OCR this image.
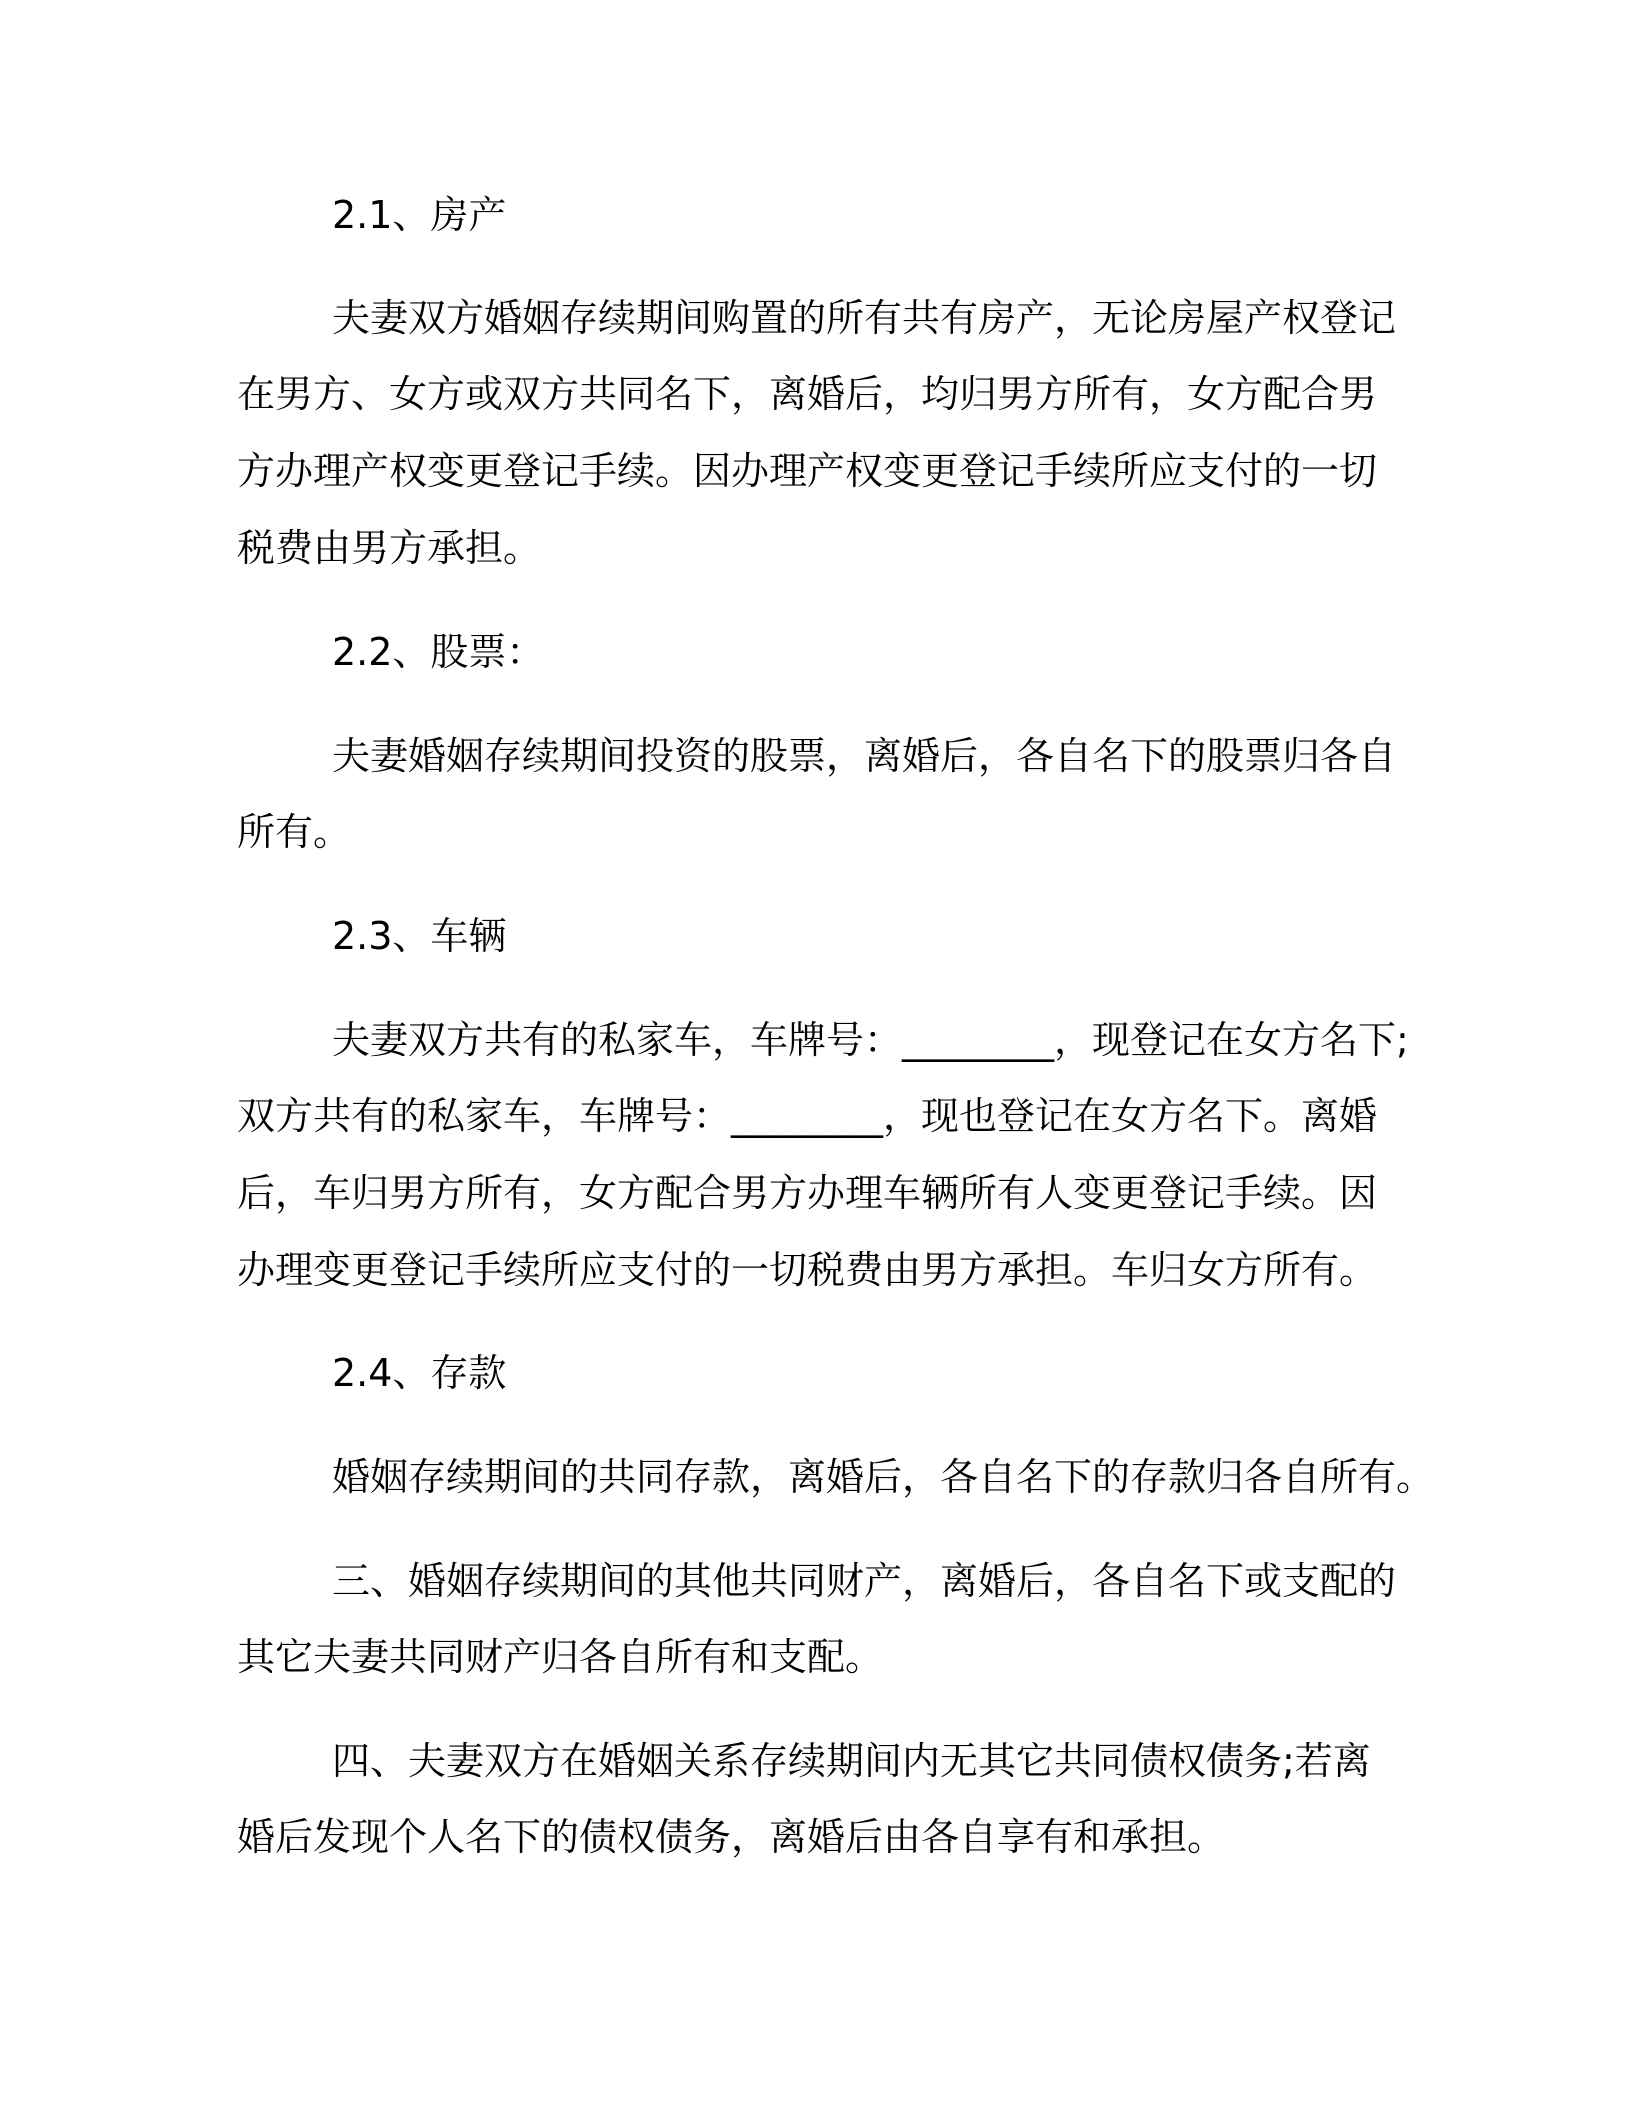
2.1、房产

夫妻双方婚姻存续期间购置的所有共有房产，无论房屋产权登记

在男方、女方或双方共同名下，离婚后，均归男方所有，女方配合男

方办理产权变更登记手续。因办理产权变更登记手续所应支付的一切

税费由男方承担。

2.2、股票：

夫妻婚姻存续期间投资的股票，离婚后，各自名下的股票归各自

所有。

2.3、车辆

夫妻双方共有的私家车，车牌号：________，现登记在女方名下;

双方共有的私家车，车牌号：________，现也登记在女方名下。离婚

后，车归男方所有，女方配合男方办理车辆所有人变更登记手续。因

办理变更登记手续所应支付的一切税费由男方承担。车归女方所有。

2.4、存款

婚姻存续期间的共同存款，离婚后，各自名下的存款归各自所有。

三、婚姻存续期间的其他共同财产，离婚后，各自名下或支配的

其它夫妻共同财产归各自所有和支配。

四、夫妻双方在婚姻关系存续期间内无其它共同债权债务;若离

婚后发现个人名下的债权债务，离婚后由各自享有和承担。
